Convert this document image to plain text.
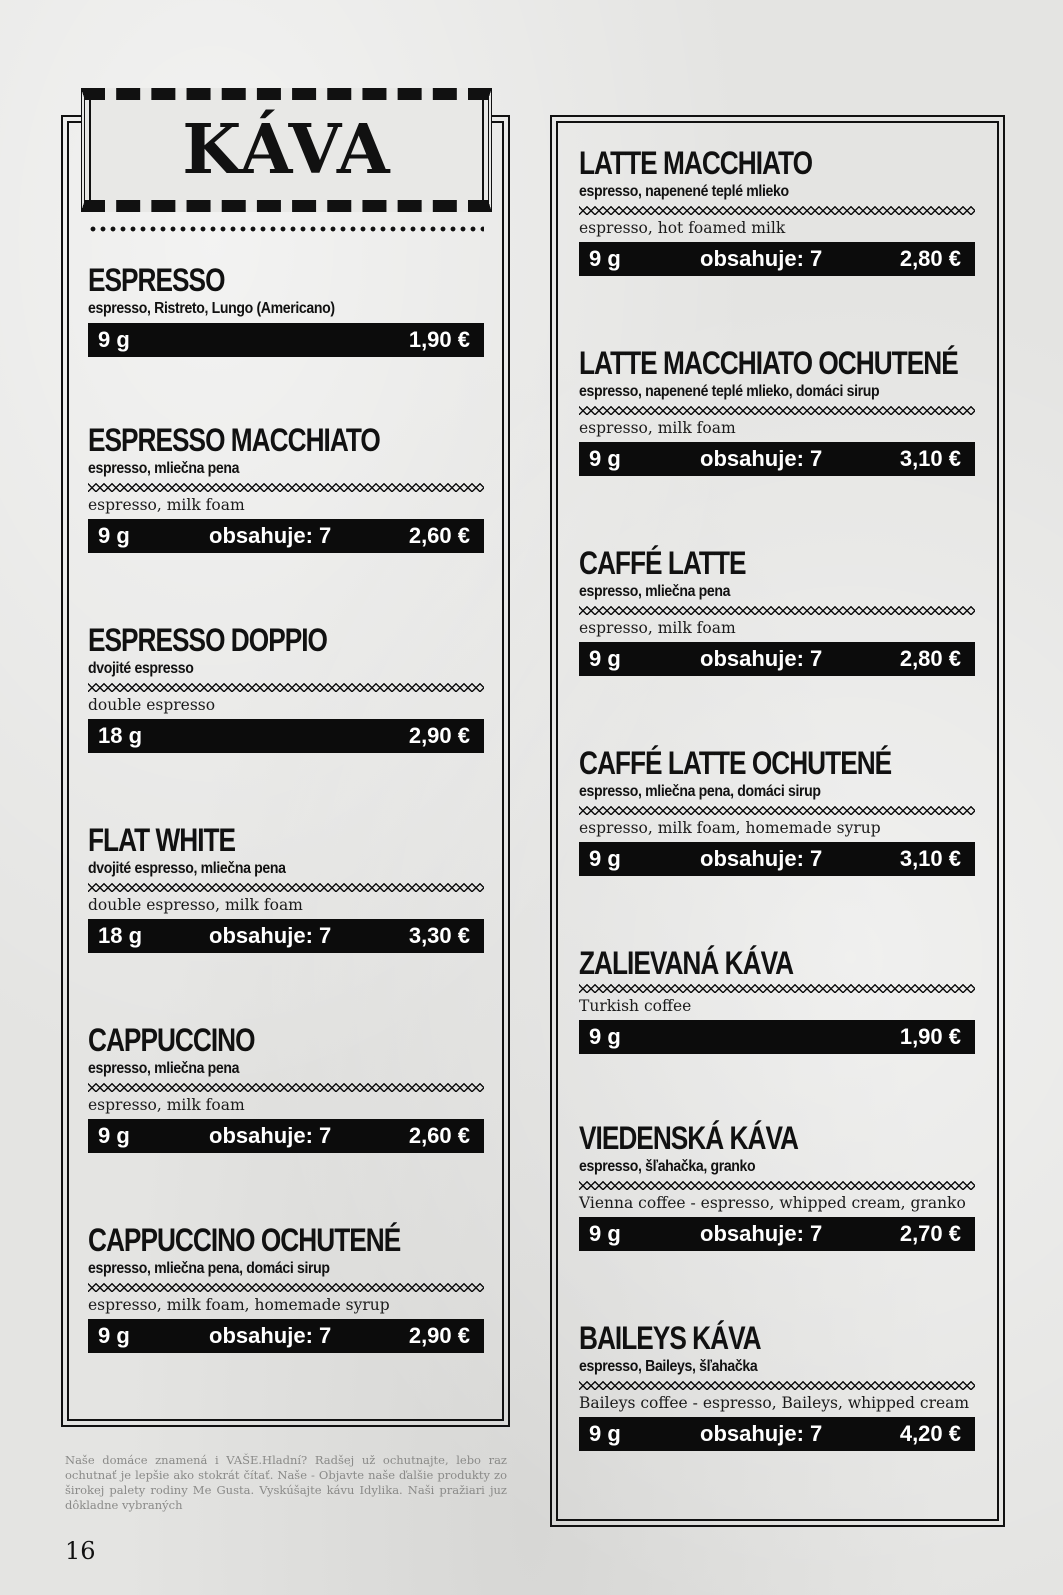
KÁVA
ESPRESSO
espresso, Ristreto, Lungo (Americano)
9 g	1,90 €
ESPRESSO MACCHIATO
espresso, mliečna pena
espresso, milk foam
9 g	obsahuje: 7	2,60 €
ESPRESSO DOPPIO
dvojité espresso
double espresso
18 g	2,90 €
FLAT WHITE
dvojité espresso, mliečna pena
double espresso, milk foam
18 g	obsahuje: 7	3,30 €
CAPPUCCINO
espresso, mliečna pena
espresso, milk foam
9 g	obsahuje: 7	2,60 €
CAPPUCCINO OCHUTENÉ
espresso, mliečna pena, domáci sirup
espresso, milk foam, homemade syrup
9 g	obsahuje: 7	2,90 €
LATTE MACCHIATO
espresso, napenené teplé mlieko
espresso, hot foamed milk
9 g	obsahuje: 7	2,80 €
LATTE MACCHIATO OCHUTENÉ
espresso, napenené teplé mlieko, domáci sirup
espresso, milk foam
9 g	obsahuje: 7	3,10 €
CAFFÉ LATTE
espresso, mliečna pena
espresso, milk foam
9 g	obsahuje: 7	2,80 €
CAFFÉ LATTE OCHUTENÉ
espresso, mliečna pena, domáci sirup
espresso, milk foam, homemade syrup
9 g	obsahuje: 7	3,10 €
ZALIEVANÁ KÁVA
Turkish coffee
9 g	1,90 €
VIEDENSKÁ KÁVA
espresso, šľahačka, granko
Vienna coffee - espresso, whipped cream, granko
9 g	obsahuje: 7	2,70 €
BAILEYS KÁVA
espresso, Baileys, šľahačka
Baileys coffee - espresso, Baileys, whipped cream
9 g	obsahuje: 7	4,20 €
Naše domáce znamená i VAŠE.Hladní? Radšej už ochutnajte, lebo raz ochutnať je lepšie ako stokrát čítať. Naše - Objavte naše ďalšie produkty zo širokej palety rodiny Me Gusta. Vyskúšajte kávu Idylika. Naši pražiari juz dôkladne vybraných
16
